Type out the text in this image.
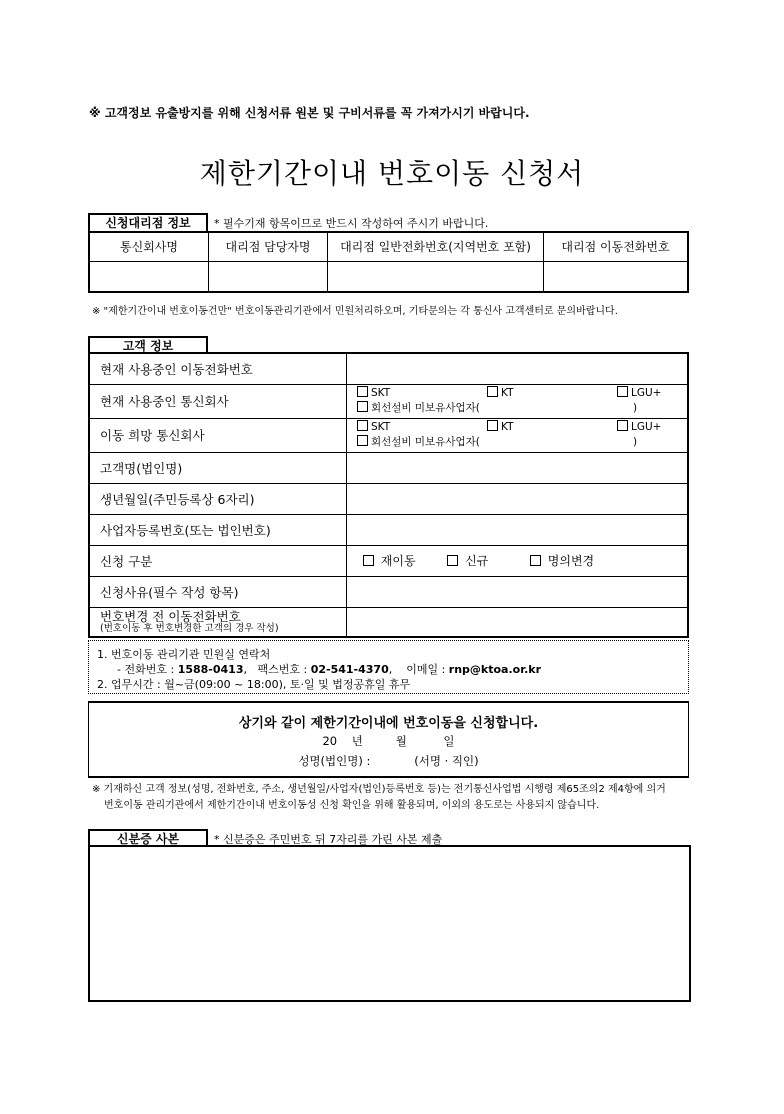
※ 고객정보 유출방지를 위해 신청서류 원본 및 구비서류를 꼭 가져가시기 바랍니다.
제한기간이내 번호이동 신청서
신청대리점 정보	* 필수기재 항목이므로 반드시 작성하여 주시기 바랍니다.
통신회사명	대리점 담당자명	대리점 일반전화번호(지역번호 포함)	대리점 이동전화번호

※ "제한기간이내 번호이동건만" 번호이동관리기관에서 민원처리하오며, 기타문의는 각 통신사 고객센터로 문의바랍니다.
고객 정보
현재 사용중인 이동전화번호	
현재 사용중인 통신회사	SKT KT LGU+
회선설비 미보유사업자( )

이동 희망 통신회사	SKT KT LGU+
회선설비 미보유사업자( )

고객명(법인명)	
생년월일(주민등록상 6자리)	
사업자등록번호(또는 법인번호)	
신청 구분	재이동 신규 명의변경
신청사유(필수 작성 항목)	
번호변경 전 이동전화번호
(번호이동 후 번호변경한 고객의 경우 작성)	

1. 번호이동 관리기관 민원실 연락처
- 전화번호 : 1588-0413,   팩스번호 : 02-541-4370,    이메일 : rnp@ktoa.or.kr
2. 업무시간 : 월~금(09:00 ~ 18:00), 토·일 및 법정공휴일 휴무
상기와 같이 제한기간이내에 번호이동을 신청합니다.
20 년	월	일
성명(법인명) :	(서명 · 직인)
※ 기재하신 고객 정보(성명, 전화번호, 주소, 생년월일/사업자(법인)등록번호 등)는 전기통신사업법 시행령 제65조의2 제4항에 의거
번호이동 관리기관에서 제한기간이내 번호이동성 신청 확인을 위해 활용되며, 이외의 용도로는 사용되지 않습니다.
신분증 사본	* 신분증은 주민번호 뒤 7자리를 가린 사본 제출
